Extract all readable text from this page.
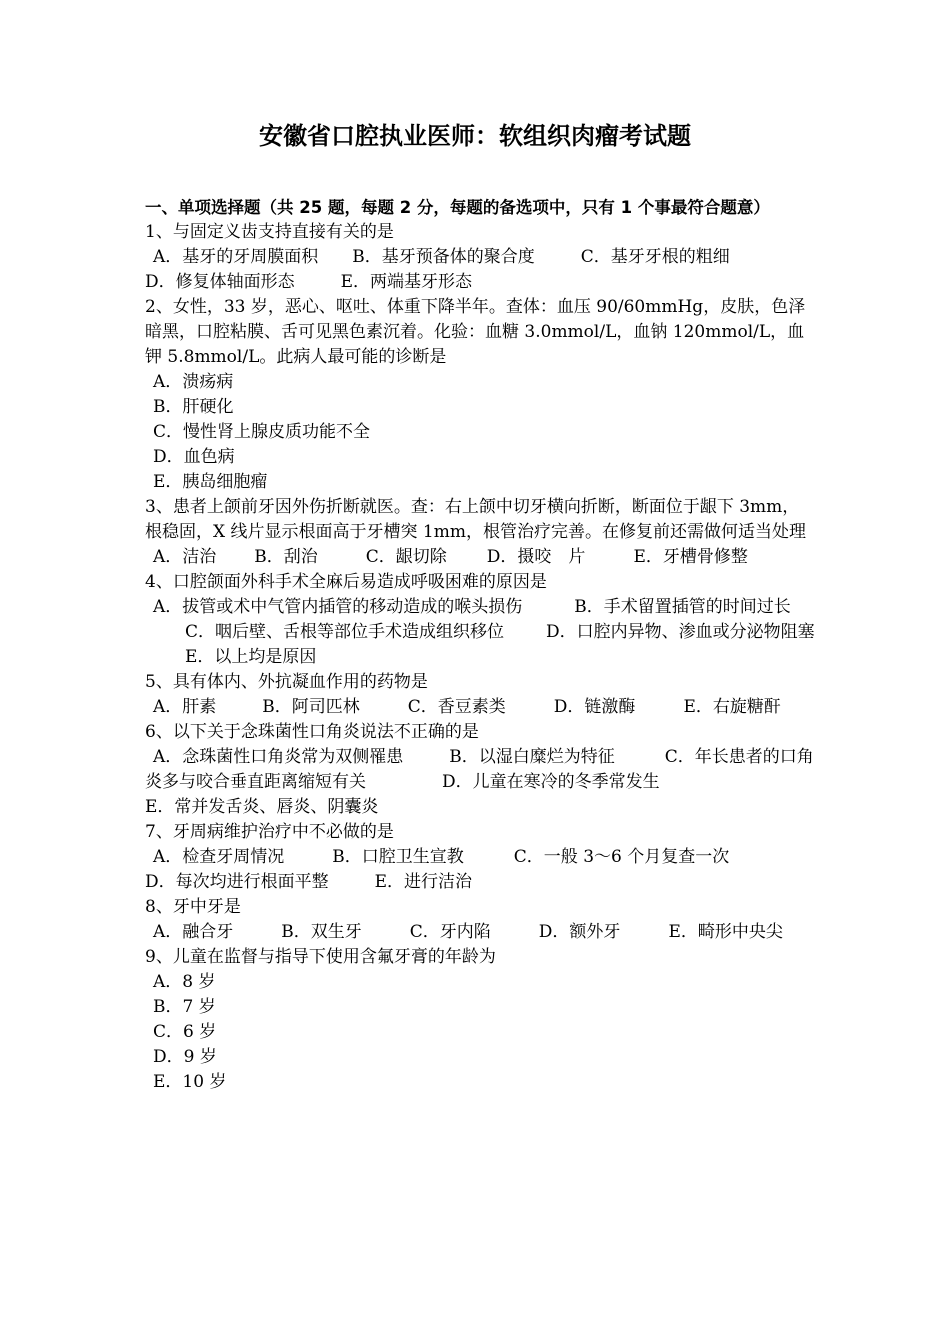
安徽省口腔执业医师：软组织肉瘤考试题
一、单项选择题（共 25 题，每题 2 分，每题的备选项中，只有 1 个事最符合题意）
1、与固定义齿支持直接有关的是
A．基牙的牙周膜面积 B．基牙预备体的聚合度	C．基牙牙根的粗细
D．修复体轴面形态	E．两端基牙形态
2、女性，33 岁，恶心、呕吐、体重下降半年。查体：血压 90/60mmHg，皮肤，色泽暗黑，口腔粘膜、舌可见黑色素沉着。化验：血糖 3.0mmol/L，血钠 120mmol/L，血钾 5.8mmol/L。此病人最可能的诊断是
A．溃疡病
B．肝硬化
C．慢性肾上腺皮质功能不全
D．血色病
E．胰岛细胞瘤
3、患者上颌前牙因外伤折断就医。查：右上颌中切牙横向折断，断面位于龈下 3mm，根稳固，X 线片显示根面高于牙槽突 1mm，根管治疗完善。在修复前还需做何适当处理
A．洁治 B．刮治	C．龈切除 D．摄咬　片	E．牙槽骨修整
4、口腔颌面外科手术全麻后易造成呼吸困难的原因是
A．拔管或术中气管内插管的移动造成的喉头损伤	B．手术留置插管的时间过长C．咽后壁、舌根等部位手术造成组织移位 D．口腔内异物、渗血或分泌物阻塞E．以上均是原因
5、具有体内、外抗凝血作用的药物是
A．肝素	B．阿司匹林	C．香豆素类	D．链激酶	E．右旋糖酐
6、以下关于念珠菌性口角炎说法不正确的是
A．念珠菌性口角炎常为双侧罹患	B．以湿白糜烂为特征	C．年长患者的口角炎多与咬合垂直距离缩短有关	D．儿童在寒冷的冬季常发生
E．常并发舌炎、唇炎、阴囊炎
7、牙周病维护治疗中不必做的是
A．检查牙周情况	B．口腔卫生宣教	C．一般 3～6 个月复查一次
D．每次均进行根面平整	E．进行洁治
8、牙中牙是
A．融合牙	B．双生牙	C．牙内陷	D．额外牙	E．畸形中央尖
9、儿童在监督与指导下使用含氟牙膏的年龄为
A．8 岁
B．7 岁
C．6 岁
D．9 岁
E．10 岁
